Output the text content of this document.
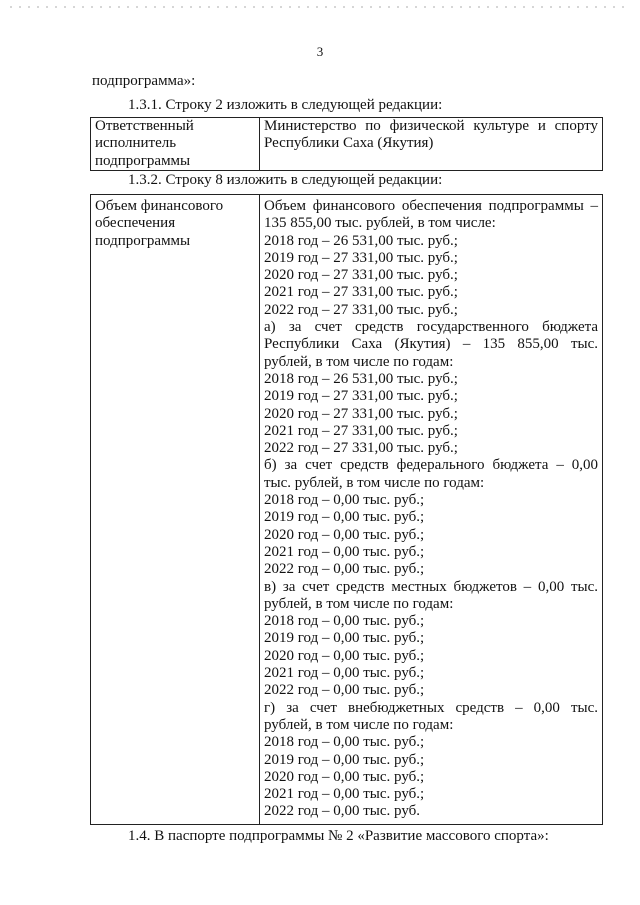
3
подпрограмма»:
1.3.1. Строку 2 изложить в следующей редакции:
Ответственный
исполнитель
подпрограммы

Министерство по физической культуре и спорту
Республики Саха (Якутия)
1.3.2. Строку 8 изложить в следующей редакции:
Объем финансового
обеспечения
подпрограммы

Объем финансового обеспечения подпрограммы –
135 855,00 тыс. рублей, в том числе:
2018 год – 26 531,00 тыс. руб.;
2019 год – 27 331,00 тыс. руб.;
2020 год – 27 331,00 тыс. руб.;
2021 год – 27 331,00 тыс. руб.;
2022 год – 27 331,00 тыс. руб.;
а) за счет средств государственного бюджета
Республики Саха (Якутия) – 135 855,00 тыс.
рублей, в том числе по годам:
2018 год – 26 531,00 тыс. руб.;
2019 год – 27 331,00 тыс. руб.;
2020 год – 27 331,00 тыс. руб.;
2021 год – 27 331,00 тыс. руб.;
2022 год – 27 331,00 тыс. руб.;
б) за счет средств федерального бюджета – 0,00
тыс. рублей, в том числе по годам:
2018 год – 0,00 тыс. руб.;
2019 год – 0,00 тыс. руб.;
2020 год – 0,00 тыс. руб.;
2021 год – 0,00 тыс. руб.;
2022 год – 0,00 тыс. руб.;
в) за счет средств местных бюджетов – 0,00 тыс.
рублей, в том числе по годам:
2018 год – 0,00 тыс. руб.;
2019 год – 0,00 тыс. руб.;
2020 год – 0,00 тыс. руб.;
2021 год – 0,00 тыс. руб.;
2022 год – 0,00 тыс. руб.;
г) за счет внебюджетных средств – 0,00 тыс.
рублей, в том числе по годам:
2018 год – 0,00 тыс. руб.;
2019 год – 0,00 тыс. руб.;
2020 год – 0,00 тыс. руб.;
2021 год – 0,00 тыс. руб.;
2022 год – 0,00 тыс. руб.
1.4. В паспорте подпрограммы № 2 «Развитие массового спорта»:
